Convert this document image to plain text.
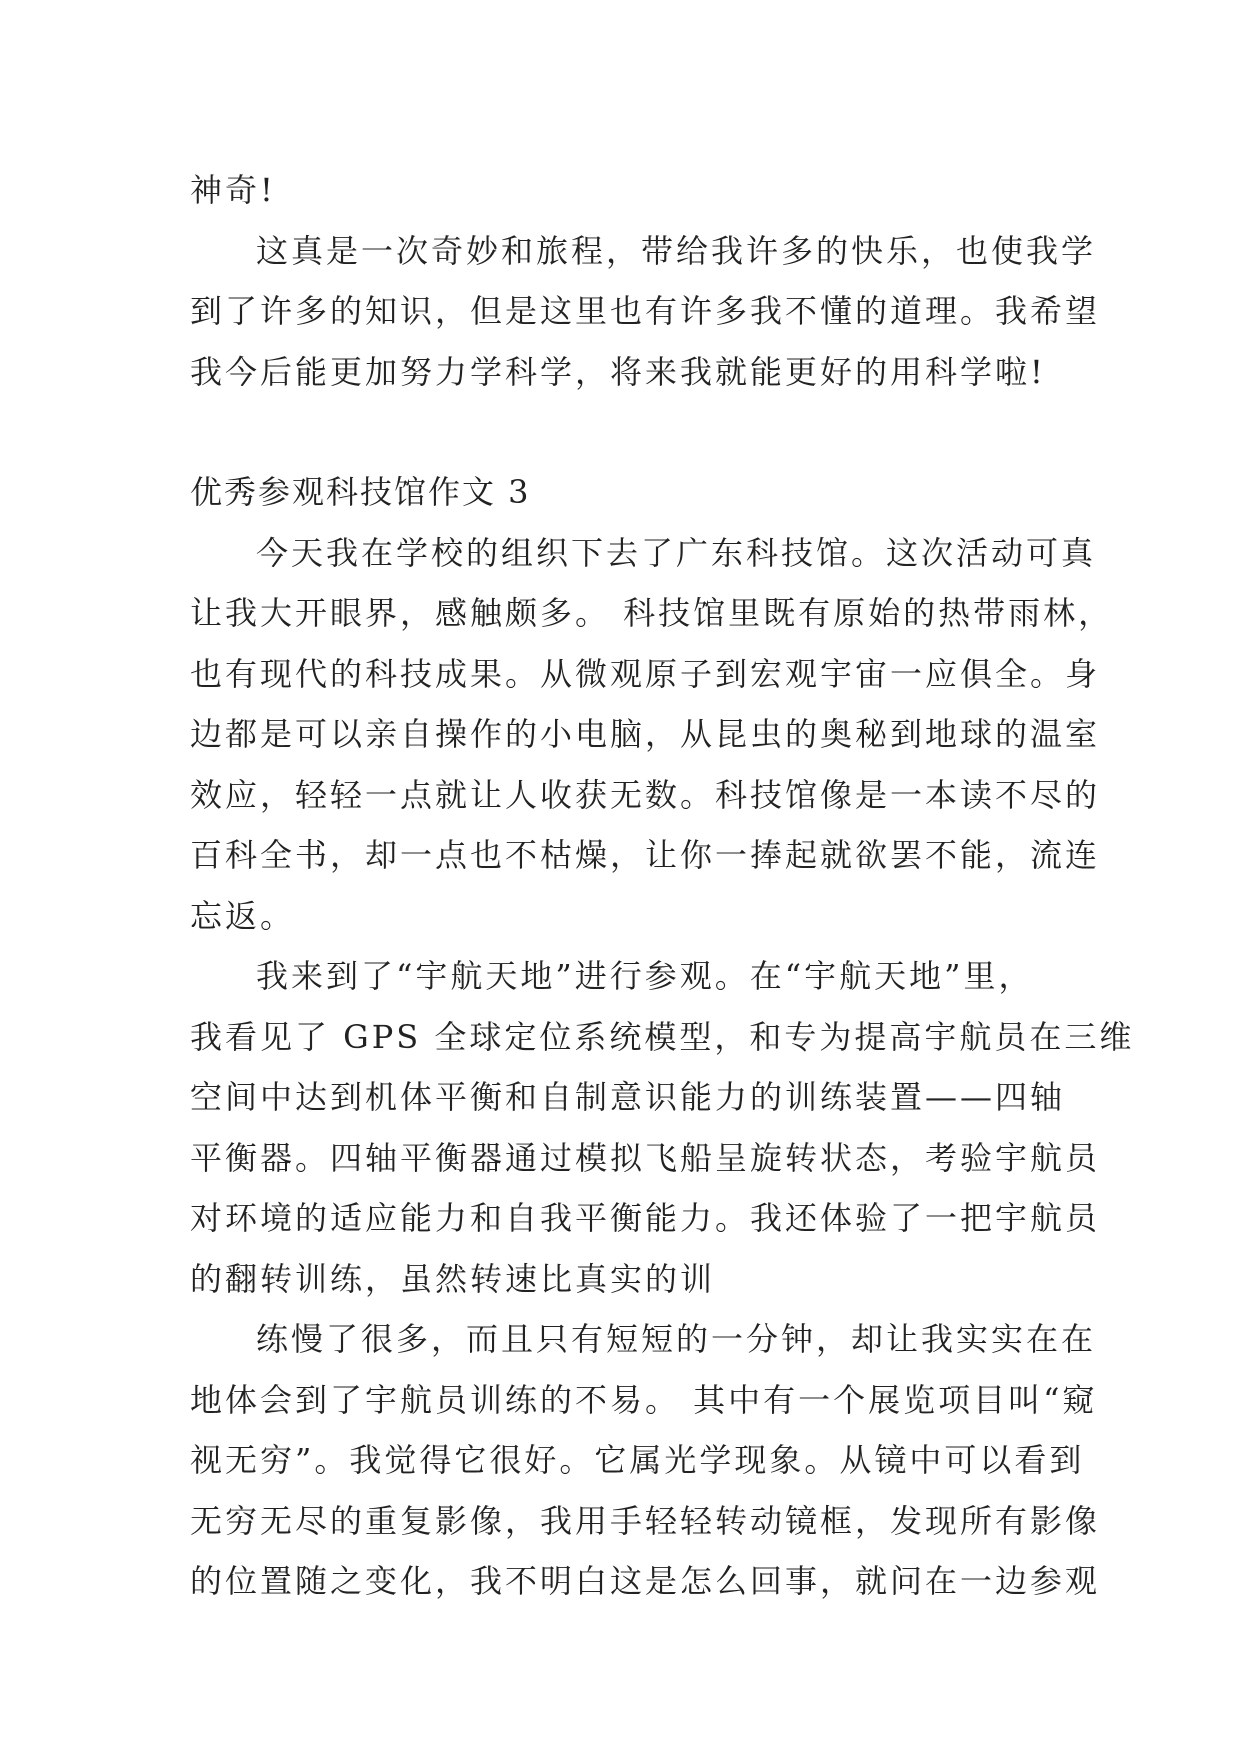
神奇!
这真是一次奇妙和旅程，带给我许多的快乐，也使我学
到了许多的知识，但是这里也有许多我不懂的道理。我希望
我今后能更加努力学科学，将来我就能更好的用科学啦!
优秀参观科技馆作文 3
今天我在学校的组织下去了广东科技馆。这次活动可真
让我大开眼界，感触颇多。 科技馆里既有原始的热带雨林，
也有现代的科技成果。从微观原子到宏观宇宙一应俱全。身
边都是可以亲自操作的小电脑，从昆虫的奥秘到地球的温室
效应，轻轻一点就让人收获无数。科技馆像是一本读不尽的
百科全书，却一点也不枯燥，让你一捧起就欲罢不能，流连
忘返。
我来到了“宇航天地”进行参观。在“宇航天地”里，
我看见了 GPS 全球定位系统模型，和专为提高宇航员在三维
空间中达到机体平衡和自制意识能力的训练装置——四轴
平衡器。四轴平衡器通过模拟飞船呈旋转状态，考验宇航员
对环境的适应能力和自我平衡能力。我还体验了一把宇航员
的翻转训练，虽然转速比真实的训
练慢了很多，而且只有短短的一分钟，却让我实实在在
地体会到了宇航员训练的不易。 其中有一个展览项目叫“窥
视无穷”。我觉得它很好。它属光学现象。从镜中可以看到
无穷无尽的重复影像，我用手轻轻转动镜框，发现所有影像
的位置随之变化，我不明白这是怎么回事，就问在一边参观
